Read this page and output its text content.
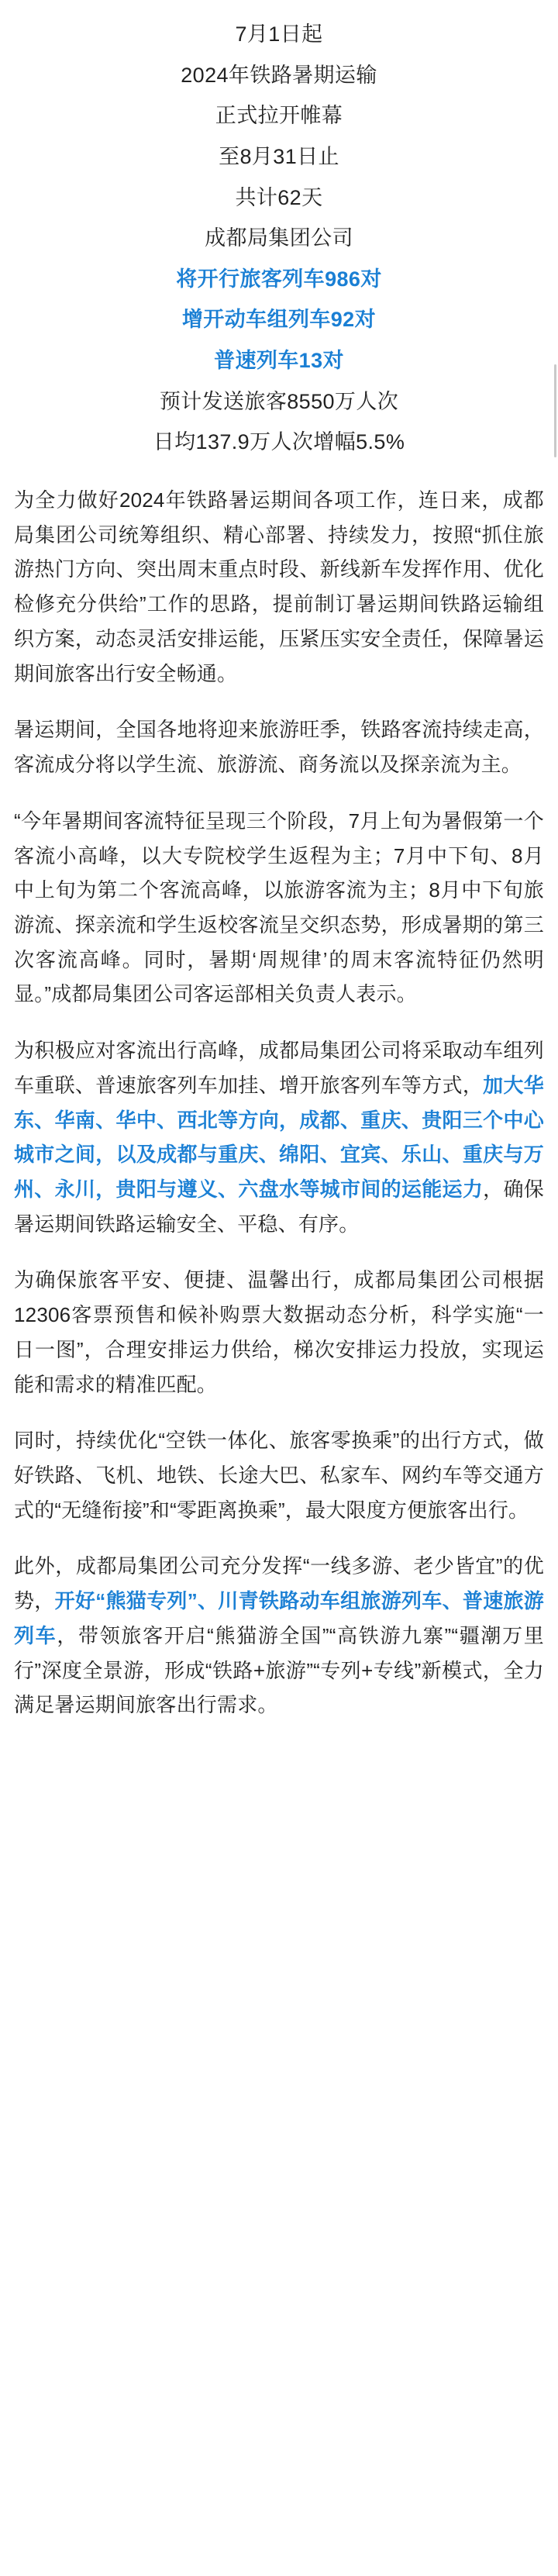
7月1日起
2024年铁路暑期运输
正式拉开帷幕
至8月31日止
共计62天
成都局集团公司
将开行旅客列车986对
增开动车组列车92对
普速列车13对
预计发送旅客8550万人次
日均137.9万人次增幅5.5%

为全力做好2024年铁路暑运期间各项工作，连日来，成都局集团公司统筹组织、精心部署、持续发力，按照“抓住旅游热门方向、突出周末重点时段、新线新车发挥作用、优化检修充分供给”工作的思路，提前制订暑运期间铁路运输组织方案，动态灵活安排运能，压紧压实安全责任，保障暑运期间旅客出行安全畅通。

暑运期间，全国各地将迎来旅游旺季，铁路客流持续走高，客流成分将以学生流、旅游流、商务流以及探亲流为主。

“今年暑期间客流特征呈现三个阶段，7月上旬为暑假第一个客流小高峰，以大专院校学生返程为主；7月中下旬、8月中上旬为第二个客流高峰，以旅游客流为主；8月中下旬旅游流、探亲流和学生返校客流呈交织态势，形成暑期的第三次客流高峰。同时，暑期‘周规律’的周末客流特征仍然明显。”成都局集团公司客运部相关负责人表示。

为积极应对客流出行高峰，成都局集团公司将采取动车组列车重联、普速旅客列车加挂、增开旅客列车等方式，加大华东、华南、华中、西北等方向，成都、重庆、贵阳三个中心城市之间，以及成都与重庆、绵阳、宜宾、乐山、重庆与万州、永川，贵阳与遵义、六盘水等城市间的运能运力，确保暑运期间铁路运输安全、平稳、有序。

为确保旅客平安、便捷、温馨出行，成都局集团公司根据12306客票预售和候补购票大数据动态分析，科学实施“一日一图”，合理安排运力供给，梯次安排运力投放，实现运能和需求的精准匹配。

同时，持续优化“空铁一体化、旅客零换乘”的出行方式，做好铁路、飞机、地铁、长途大巴、私家车、网约车等交通方式的“无缝衔接”和“零距离换乘”，最大限度方便旅客出行。

此外，成都局集团公司充分发挥“一线多游、老少皆宜”的优势，开好“熊猫专列”、川青铁路动车组旅游列车、普速旅游列车，带领旅客开启“熊猫游全国”“高铁游九寨”“疆潮万里行”深度全景游，形成“铁路+旅游”“专列+专线”新模式，全力满足暑运期间旅客出行需求。
